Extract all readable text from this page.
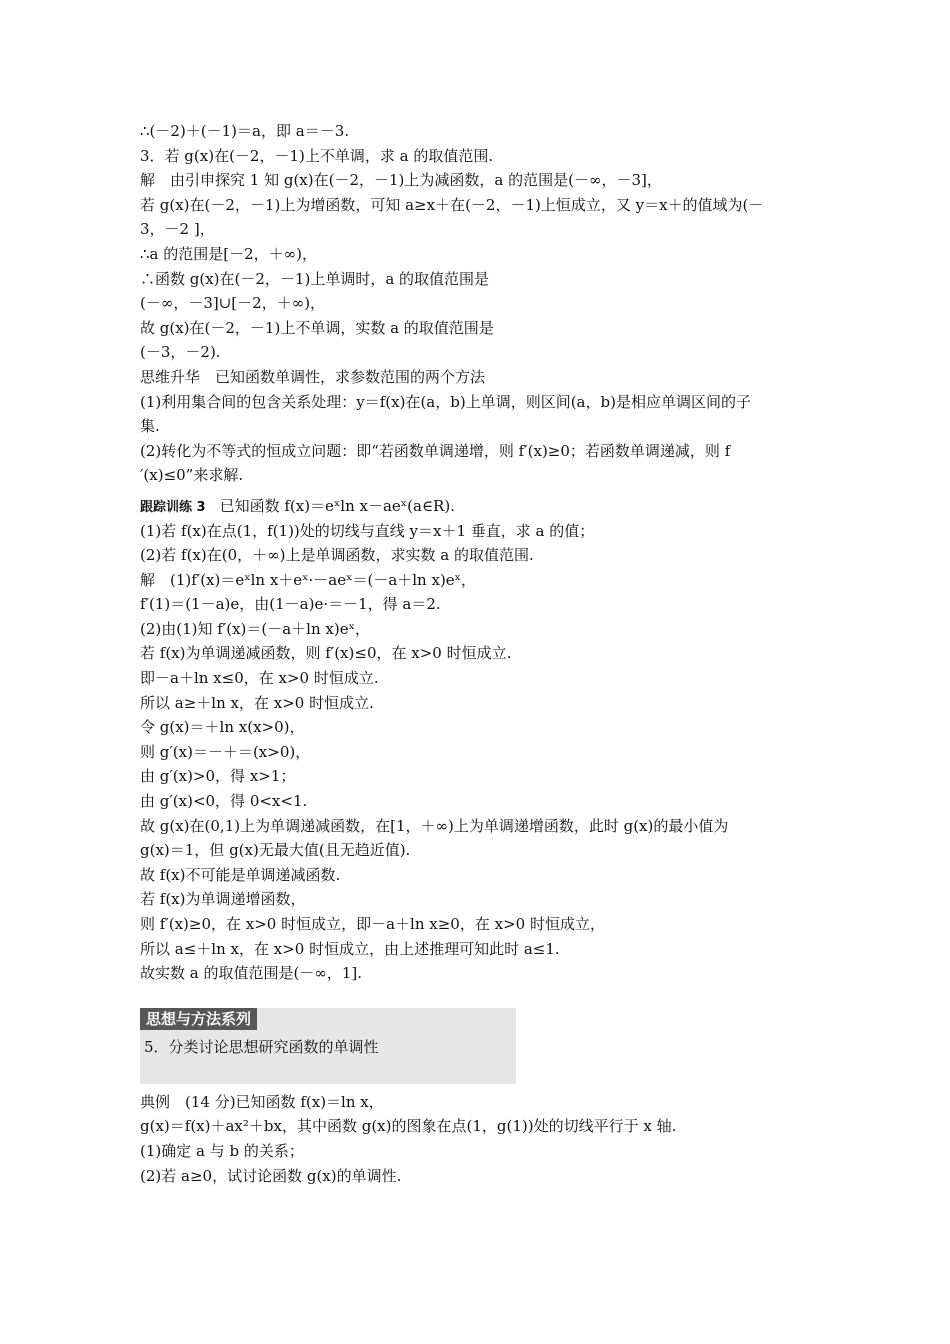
∴(－2)＋(－1)＝a，即 a＝－3.
3．若 g(x)在(－2，－1)上不单调，求 a 的取值范围.
解　由引申探究 1 知 g(x)在(－2，－1)上为减函数，a 的范围是(－∞，－3]，
若 g(x)在(－2，－1)上为增函数，可知 a≥x＋在(－2，－1)上恒成立，又 y＝x＋的值域为(－
3，－2 ]，
∴a 的范围是[－2，＋∞)，
∴函数 g(x)在(－2，－1)上单调时，a 的取值范围是
(－∞，－3]∪[－2，＋∞)，
故 g(x)在(－2，－1)上不单调，实数 a 的取值范围是
(－3，－2).
思维升华　已知函数单调性，求参数范围的两个方法
(1)利用集合间的包含关系处理：y＝f(x)在(a，b)上单调，则区间(a，b)是相应单调区间的子
集.
(2)转化为不等式的恒成立问题：即“若函数单调递增，则 f′(x)≥0；若函数单调递减，则 f
′(x)≤0”来求解.
跟踪训练 3 已知函数 f(x)＝eˣln x－aeˣ(a∈R).
(1)若 f(x)在点(1，f(1))处的切线与直线 y＝x＋1 垂直，求 a 的值；
(2)若 f(x)在(0，＋∞)上是单调函数，求实数 a 的取值范围.
解　(1)f′(x)＝eˣln x＋eˣ·－aeˣ＝(－a＋ln x)eˣ，
f′(1)＝(1－a)e，由(1－a)e·＝－1，得 a＝2.
(2)由(1)知 f′(x)＝(－a＋ln x)eˣ，
若 f(x)为单调递减函数，则 f′(x)≤0，在 x>0 时恒成立.
即－a＋ln x≤0，在 x>0 时恒成立.
所以 a≥＋ln x，在 x>0 时恒成立.
令 g(x)＝＋ln x(x>0)，
则 g′(x)＝－＋＝(x>0)，
由 g′(x)>0，得 x>1；
由 g′(x)<0，得 0<x<1.
故 g(x)在(0,1)上为单调递减函数，在[1，＋∞)上为单调递增函数，此时 g(x)的最小值为
g(x)＝1，但 g(x)无最大值(且无趋近值).
故 f(x)不可能是单调递减函数.
若 f(x)为单调递增函数，
则 f′(x)≥0，在 x>0 时恒成立，即－a＋ln x≥0，在 x>0 时恒成立，
所以 a≤＋ln x，在 x>0 时恒成立，由上述推理可知此时 a≤1.
故实数 a 的取值范围是(－∞，1].
思想与方法系列
5．分类讨论思想研究函数的单调性
典例　(14 分)已知函数 f(x)＝ln x，
g(x)＝f(x)＋ax²＋bx，其中函数 g(x)的图象在点(1，g(1))处的切线平行于 x 轴.
(1)确定 a 与 b 的关系；
(2)若 a≥0，试讨论函数 g(x)的单调性.
